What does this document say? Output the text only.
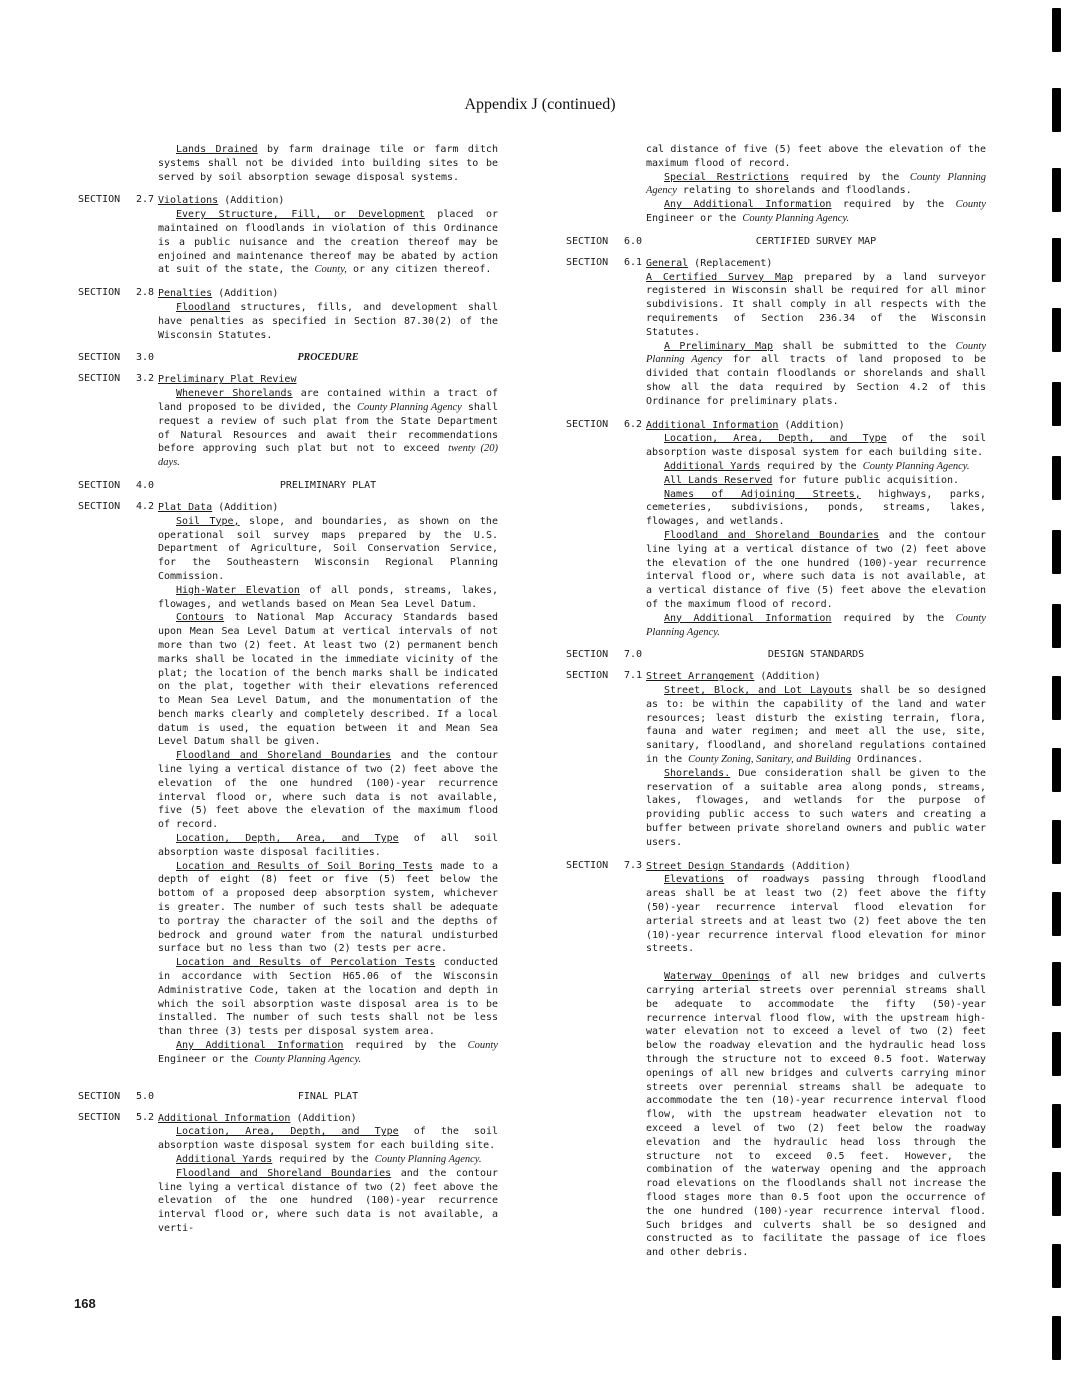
Appendix J (continued)

Lands Drained by farm drainage tile or farm ditch systems shall not be divided into building sites to be served by soil absorption sewage disposal systems.

SECTION	2.7 Violations (Addition)

Every Structure, Fill, or Development placed or maintained on floodlands in violation of this Ordinance is a public nuisance and the creation thereof may be enjoined and maintenance thereof may be abated by action at suit of the state, the County, or any citizen thereof.

SECTION	2.8 Penalties (Addition)

Floodland structures, fills, and development shall have penalties as specified in Section 87.30(2) of the Wisconsin Statutes.

SECTION	3.0	PROCEDURE
SECTION	3.2 Preliminary Plat Review

Whenever Shorelands are contained within a tract of land proposed to be divided, the County Planning Agency shall request a review of such plat from the State Department of Natural Resources and await their recommendations before approving such plat but not to exceed twenty (20) days.

SECTION	4.0	PRELIMINARY PLAT
SECTION	4.2 Plat Data (Addition)

Soil Type, slope, and boundaries, as shown on the operational soil survey maps prepared by the U.S. Department of Agriculture, Soil Conservation Service, for the Southeastern Wisconsin Regional Planning Commission.

High-Water Elevation of all ponds, streams, lakes, flowages, and wetlands based on Mean Sea Level Datum.

Contours to National Map Accuracy Standards based upon Mean Sea Level Datum at vertical intervals of not more than two (2) feet. At least two (2) permanent bench marks shall be located in the immediate vicinity of the plat; the location of the bench marks shall be indicated on the plat, together with their elevations referenced to Mean Sea Level Datum, and the monumentation of the bench marks clearly and completely described. If a local datum is used, the equation between it and Mean Sea Level Datum shall be given.

Floodland and Shoreland Boundaries and the contour line lying a vertical distance of two (2) feet above the elevation of the one hundred (100)-year recurrence interval flood or, where such data is not available, five (5) feet above the elevation of the maximum flood of record.

Location, Depth, Area, and Type of all soil absorption waste disposal facilities.

Location and Results of Soil Boring Tests made to a depth of eight (8) feet or five (5) feet below the bottom of a proposed deep absorption system, whichever is greater. The number of such tests shall be adequate to portray the character of the soil and the depths of bedrock and ground water from the natural undisturbed surface but no less than two (2) tests per acre.

Location and Results of Percolation Tests conducted in accordance with Section H65.06 of the Wisconsin Administrative Code, taken at the location and depth in which the soil absorption waste disposal area is to be installed. The number of such tests shall not be less than three (3) tests per disposal system area.

Any Additional Information required by the County Engineer or the County Planning Agency.

SECTION	5.0	FINAL PLAT
SECTION	5.2 Additional Information (Addition)

Location, Area, Depth, and Type of the soil absorption waste disposal system for each building site.

Additional Yards required by the County Planning Agency.

Floodland and Shoreland Boundaries and the contour line lying a vertical distance of two (2) feet above the elevation of the one hundred (100)-year recurrence interval flood or, where such data is not available, a verti-

cal distance of five (5) feet above the elevation of the maximum flood of record.

Special Restrictions required by the County Planning Agency relating to shorelands and floodlands.

Any Additional Information required by the County Engineer or the County Planning Agency.

SECTION	6.0	CERTIFIED SURVEY MAP
SECTION	6.1 General (Replacement)

A Certified Survey Map prepared by a land surveyor registered in Wisconsin shall be required for all minor subdivisions. It shall comply in all respects with the requirements of Section 236.34 of the Wisconsin Statutes.

A Preliminary Map shall be submitted to the County Planning Agency for all tracts of land proposed to be divided that contain floodlands or shorelands and shall show all the data required by Section 4.2 of this Ordinance for preliminary plats.

SECTION	6.2 Additional Information (Addition)

Location, Area, Depth, and Type of the soil absorption waste disposal system for each building site.

Additional Yards required by the County Planning Agency.

All Lands Reserved for future public acquisition.

Names of Adjoining Streets, highways, parks, cemeteries, subdivisions, ponds, streams, lakes, flowages, and wetlands.

Floodland and Shoreland Boundaries and the contour line lying at a vertical distance of two (2) feet above the elevation of the one hundred (100)-year recurrence interval flood or, where such data is not available, at a vertical distance of five (5) feet above the elevation of the maximum flood of record.

Any Additional Information required by the County Planning Agency.

SECTION	7.0	DESIGN STANDARDS
SECTION	7.1 Street Arrangement (Addition)

Street, Block, and Lot Layouts shall be so designed as to: be within the capability of the land and water resources; least disturb the existing terrain, flora, fauna and water regimen; and meet all the use, site, sanitary, floodland, and shoreland regulations contained in the County Zoning, Sanitary, and Building Ordinances.

Shorelands. Due consideration shall be given to the reservation of a suitable area along ponds, streams, lakes, flowages, and wetlands for the purpose of providing public access to such waters and creating a buffer between private shoreland owners and public water users.

SECTION	7.3 Street Design Standards (Addition)

Elevations of roadways passing through floodland areas shall be at least two (2) feet above the fifty (50)-year recurrence interval flood elevation for arterial streets and at least two (2) feet above the ten (10)-year recurrence interval flood elevation for minor streets.

Waterway Openings of all new bridges and culverts carrying arterial streets over perennial streams shall be adequate to accommodate the fifty (50)-year recurrence interval flood flow, with the upstream high-water elevation not to exceed a level of two (2) feet below the roadway elevation and the hydraulic head loss through the structure not to exceed 0.5 foot. Waterway openings of all new bridges and culverts carrying minor streets over perennial streams shall be adequate to accommodate the ten (10)-year recurrence interval flood flow, with the upstream headwater elevation not to exceed a level of two (2) feet below the roadway elevation and the hydraulic head loss through the structure not to exceed 0.5 feet. However, the combination of the waterway opening and the approach road elevations on the floodlands shall not increase the flood stages more than 0.5 foot upon the occurrence of the one hundred (100)-year recurrence interval flood. Such bridges and culverts shall be so designed and constructed as to facilitate the passage of ice floes and other debris.

168
